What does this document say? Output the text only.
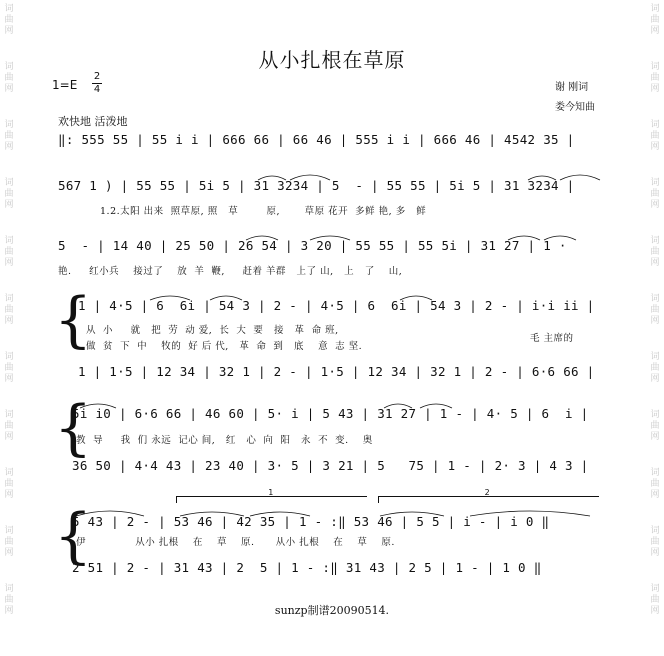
词
曲
网
词
曲
网
词
曲
网
词
曲
网
词
曲
网
词
曲
网
词
曲
网
词
曲
网
词
曲
网
词
曲
网
词
曲
网
词
曲
网
词
曲
网
词
曲
网
词
曲
网
词
曲
网
词
曲
网
词
曲
网
词
曲
网
词
曲
网
词
曲
网
词
曲
网
从小扎根在草原
1=E
2
4	谢 刚词
娄今知曲
欢快地 活泼地
‖: 555 55 | 55 i i | 666 66 | 66 46 | 555 i i | 666 46 | 4542 35 |
567 1 ) | 55 55 | 5i 5 | 31 3234 | 5  - | 55 55 | 5i 5 | 31 3234 |
1.2.太阳 出来  照草原, 照   草        原,       草原 花开  多鲜 艳, 多   鲜
5  - | 14 40 | 25 50 | 26 54 | 3 20 | 55 55 | 55 5i | 31 27 | 1 ·
艳.     红小兵    接过了    放  羊  鞭,     赶着 羊群   上了 山,   上   了    山,
{
1 | 4·5 | 6  6i | 54 3 | 2 - | 4·5 | 6  6i | 54 3 | 2 - | i·i ii |
从  小     就   把  劳  动 爱,  长  大  要   接   革  命 班,
做  贫  下  中    牧的  好 后 代,   革  命  到   底    意  志 坚.
毛 主席的
1 | 1·5 | 12 34 | 32 1 | 2 - | 1·5 | 12 34 | 32 1 | 2 - | 6·6 66 |
{
5i i0 | 6·6 66 | 46 60 | 5· i | 5 43 | 31 27 | 1 - | 4· 5 | 6  i |
教  导     我  们 永远  记心 间,   红   心  向  阳   永  不  变.    奥
36 50 | 4·4 43 | 23 40 | 3· 5 | 3 21 | 5   75 | 1 - | 2· 3 | 4 3 |
1	2
{
5 43 | 2 - | 53 46 | 42 35 | 1 - :‖ 53 46 | 5 5 | i - | i 0 ‖
伊              从小 扎根    在    草    原.      从小 扎根    在    草    原.
2 51 | 2 - | 31 43 | 2  5 | 1 - :‖ 31 43 | 2 5 | 1 - | 1 0 ‖
sunzp制谱20090514.
